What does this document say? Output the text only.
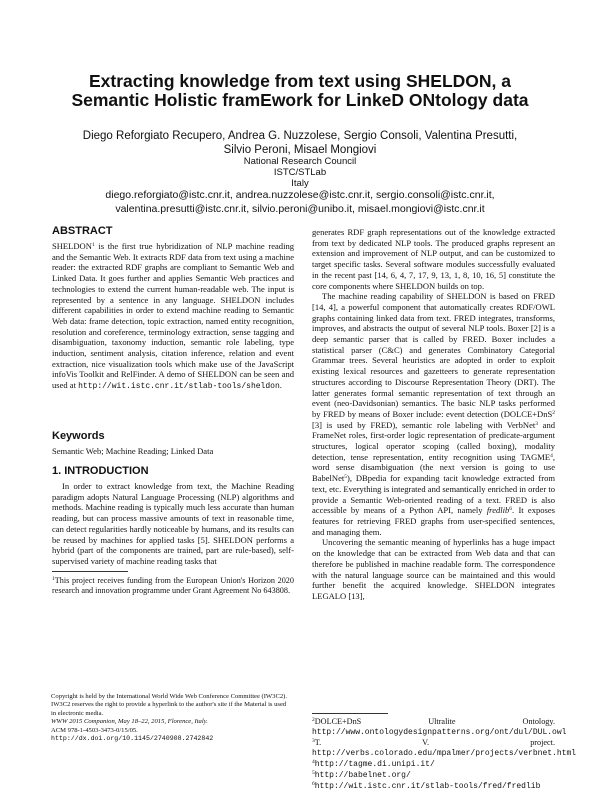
Extracting knowledge from text using SHELDON, a
Semantic Holistic framEwork for LinkeD ONtology data
Diego Reforgiato Recupero, Andrea G. Nuzzolese, Sergio Consoli, Valentina Presutti,
Silvio Peroni, Misael Mongiovi
National Research Council
ISTC/STLab
Italy
diego.reforgiato@istc.cnr.it, andrea.nuzzolese@istc.cnr.it, sergio.consoli@istc.cnr.it,
valentina.presutti@istc.cnr.it, silvio.peroni@unibo.it, misael.mongiovi@istc.cnr.it
ABSTRACT

SHELDON$^1$ is the first true hybridization of NLP machine reading and the Semantic Web. It extracts RDF data from text using a machine reader: the extracted RDF graphs are compliant to Semantic Web and Linked Data. It goes further and applies Semantic Web practices and technologies to extend the current human-readable web. The input is represented by a sentence in any language. SHELDON includes different capabilities in order to extend machine reading to Semantic Web data: frame detection, topic extraction, named entity recognition, resolution and coreference, terminology extraction, sense tagging and disambiguation, taxonomy induction, semantic role labeling, type induction, sentiment analysis, citation inference, relation and event extraction, nice visualization tools which make use of the JavaScript infoVis Toolkit and RelFinder. A demo of SHELDON can be seen and used at http://wit.istc.cnr.it/stlab-tools/sheldon.

Keywords
Semantic Web; Machine Reading; Linked Data
1. INTRODUCTION

In order to extract knowledge from text, the Machine Reading paradigm adopts Natural Language Processing (NLP) algorithms and methods. Machine reading is typically much less accurate than human reading, but can process massive amounts of text in reasonable time, can detect regularities hardly noticeable by humans, and its results can be reused by machines for applied tasks [5]. SHELDON performs a hybrid (part of the components are trained, part are rule-based), self-supervised variety of machine reading tasks that

$^1$This project receives funding from the European Union's Horizon 2020 research and innovation programme under Grant Agreement No 643808.

Copyright is held by the International World Wide Web Conference Committee (IW3C2). IW3C2 reserves the right to provide a hyperlink to the author's site if the Material is used in electronic media.

WWW 2015 Companion, May 18–22, 2015, Florence, Italy.

ACM 978-1-4503-3473-0/15/05.

http://dx.doi.org/10.1145/2740908.2742842

generates RDF graph representations out of the knowledge extracted from text by dedicated NLP tools. The produced graphs represent an extension and improvement of NLP output, and can be customized to target specific tasks. Several software modules successfully evaluated in the recent past [14, 6, 4, 7, 17, 9, 13, 1, 8, 10, 16, 5] constitute the core components where SHELDON builds on top.

The machine reading capability of SHELDON is based on FRED [14, 4], a powerful component that automatically creates RDF/OWL graphs containing linked data from text. FRED integrates, transforms, improves, and abstracts the output of several NLP tools. Boxer [2] is a deep semantic parser that is called by FRED. Boxer includes a statistical parser (C&C) and generates Combinatory Categorial Grammar trees. Several heuristics are adopted in order to exploit existing lexical resources and gazetteers to generate representation structures according to Discourse Representation Theory (DRT). The latter generates formal semantic representation of text through an event (neo-Davidsonian) semantics. The basic NLP tasks performed by FRED by means of Boxer include: event detection (DOLCE+DnS$^2$ [3] is used by FRED), semantic role labeling with VerbNet$^3$ and FrameNet roles, first-order logic representation of predicate-argument structures, logical operator scoping (called boxing), modality detection, tense representation, entity recognition using TAGME$^4$, word sense disambiguation (the next version is going to use BabelNet$^5$), DBpedia for expanding tacit knowledge extracted from text, etc. Everything is integrated and semantically enriched in order to provide a Semantic Web-oriented reading of a text. FRED is also accessible by means of a Python API, namely fredlib$^6$. It exposes features for retrieving FRED graphs from user-specified sentences, and managing them.

Uncovering the semantic meaning of hyperlinks has a huge impact on the knowledge that can be extracted from Web data and that can therefore be published in machine readable form. The correspondence with the natural language source can be maintained and this would further benefit the acquired knowledge. SHELDON integrates LEGALO [13],

$^2$DOLCE+DnS Ultralite Ontology. http://www.ontologydesignpatterns.org/ont/dul/DUL.owl

$^3$T. V. project. http://verbs.colorado.edu/mpalmer/projects/verbnet.html

$^4$http://tagme.di.unipi.it/

$^5$http://babelnet.org/

$^6$http://wit.istc.cnr.it/stlab-tools/fred/fredlib
